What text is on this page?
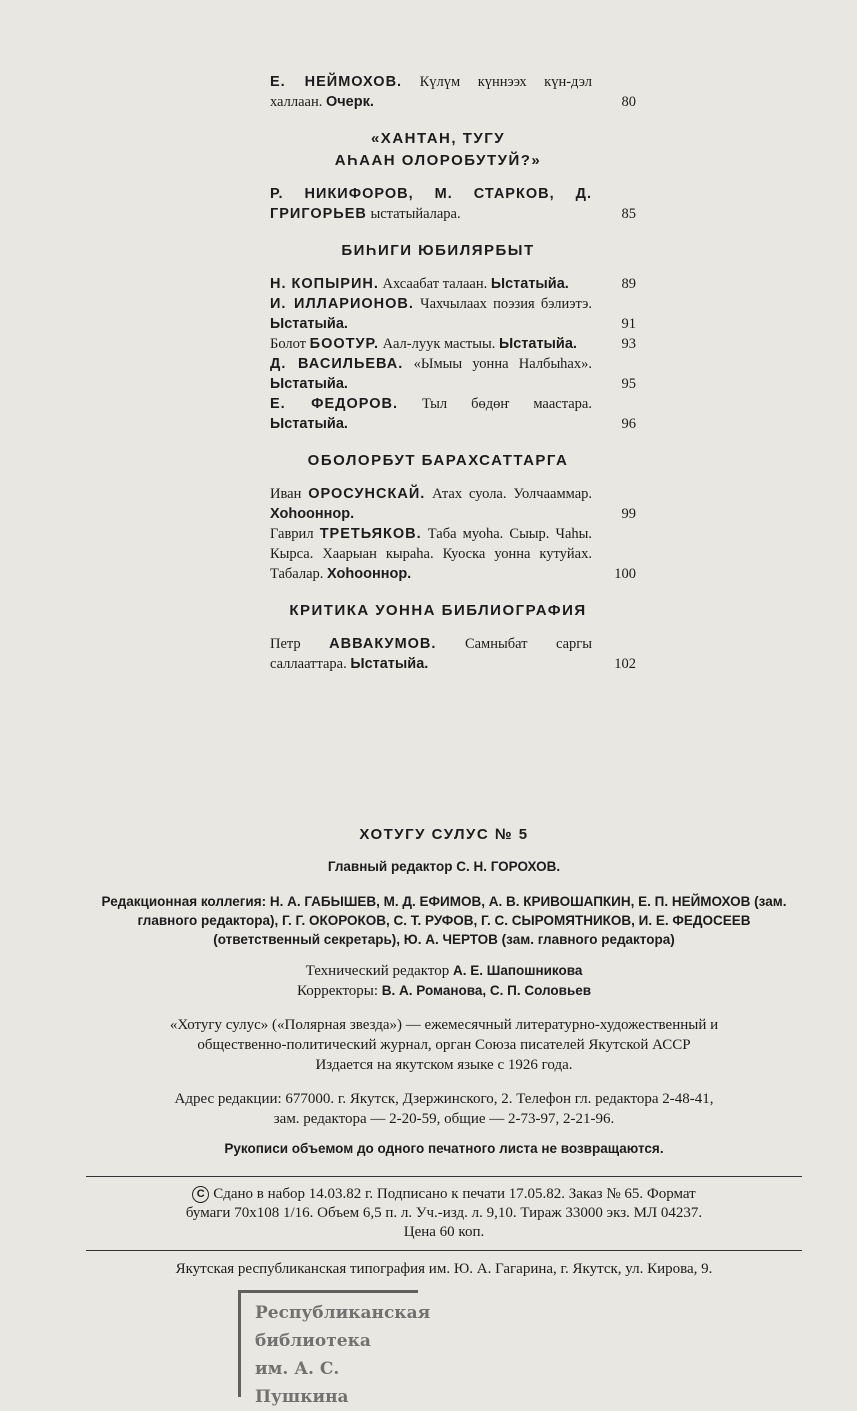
Е. НЕЙМОХОВ. Күлүм күннээх күн-дэл халлаан. Очерк.	80
«ХАНТАН, ТУГУ
АҺААН ОЛОРОБУТУЙ?»
Р. НИКИФОРОВ, М. СТАРКОВ, Д. ГРИГОРЬЕВ ыстатыйалара.	85
БИҺИГИ ЮБИЛЯРБЫТ
Н. КОПЫРИН. Ахсаабат талаан. Ыстатыйа.	89
И. ИЛЛАРИОНОВ. Чахчылаах поэзия бэлиэтэ. Ыстатыйа.	91
Болот БООТУР. Аал-луук мастыы. Ыстатыйа.	93
Д. ВАСИЛЬЕВА. «Ымыы уонна Налбыһах». Ыстатыйа.	95
Е. ФЕДОРОВ. Тыл бөдөҥ маастара. Ыстатыйа.	96
ОБОЛОРБУТ БАРАХСАТТАРГА
Иван ОРОСУНСКАЙ. Атах суола. Уолчааммар. Хоһооннор.	99
Гаврил ТРЕТЬЯКОВ. Таба муоһа. Сыыр. Чаһы. Кырса. Хаарыан кыраһа. Куоска уонна кутуйах. Табалар. Хоһооннор.	100
КРИТИКА УОННА БИБЛИОГРАФИЯ
Петр АВВАКУМОВ. Самныбат саргы саллааттара. Ыстатыйа.	102
ХОТУГУ СУЛУС № 5
Главный редактор С. Н. ГОРОХОВ.
Редакционная коллегия: Н. А. ГАБЫШЕВ, М. Д. ЕФИМОВ, А. В. КРИВОШАПКИН, Е. П. НЕЙМОХОВ (зам. главного редактора), Г. Г. ОКОРОКОВ, С. Т. РУФОВ, Г. С. СЫРОМЯТНИКОВ, И. Е. ФЕДОСЕЕВ (ответственный секретарь), Ю. А. ЧЕРТОВ (зам. главного редактора)
Технический редактор А. Е. Шапошникова
Корректоры: В. А. Романова, С. П. Соловьев
«Хотугу сулус» («Полярная звезда») — ежемесячный литературно-художественный и
общественно-политический журнал, орган Союза писателей Якутской АССР
Издается на якутском языке с 1926 года.
Адрес редакции: 677000. г. Якутск, Дзержинского, 2. Телефон гл. редактора 2-48-41,
зам. редактора — 2-20-59, общие — 2-73-97, 2-21-96.
Рукописи объемом до одного печатного листа не возвращаются.
С Сдано в набор 14.03.82 г. Подписано к печати 17.05.82. Заказ № 65. Формат
бумаги 70х108 1/16. Объем 6,5 п. л. Уч.-изд. л. 9,10. Тираж 33000 экз. МЛ 04237.
Цена 60 коп.
Якутская республиканская типография им. Ю. А. Гагарина, г. Якутск, ул. Кирова, 9.
Республиканская
библиотека
им. А. С. Пушкина
